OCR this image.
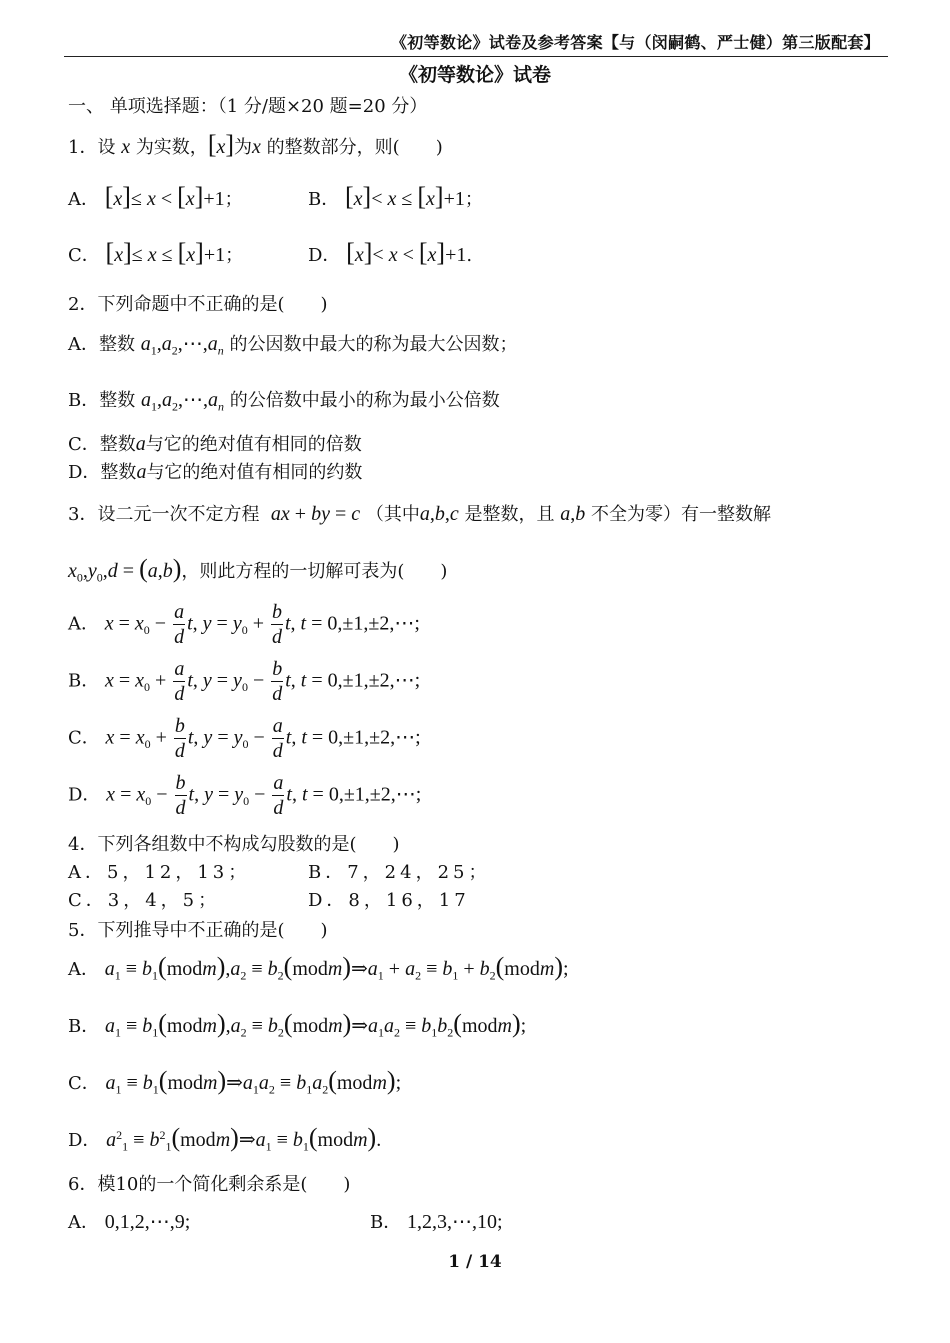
《初等数论》试卷及参考答案【与（闵嗣鹤、严士健）第三版配套】
《初等数论》试卷
一、 单项选择题：（1 分/题×20 题=20 分）
1．设 x 为实数，[x]为x 的整数部分，则(　　)
A． [x]≤ x < [x]+1；	B． [x]< x ≤ [x]+1；
C． [x]≤ x ≤ [x]+1；	D． [x]< x < [x]+1.
2．下列命题中不正确的是(　　)
A．整数 $a_1,a_2,\cdots,a_n$ 的公因数中最大的称为最大公因数；
B．整数 $a_1,a_2,\cdots,a_n$ 的公倍数中最小的称为最小公倍数
C．整数a与它的绝对值有相同的倍数
D．整数a与它的绝对值有相同的约数
3．设二元一次不定方程 ax + by = c （其中a,b,c 是整数，且 a,b 不全为零）有一整数解
$x_0,y_0,d = (a,b)$，则此方程的一切解可表为(　　)
A． $x = x_0 - \frac{a}{d} t$, $y = y_0 + \frac{b}{d} t$, t = 0,±1,±2,⋯;
B． $x = x_0 + \frac{a}{d} t$, $y = y_0 - \frac{b}{d} t$, t = 0,±1,±2,⋯;
C． $x = x_0 + \frac{b}{d} t$, $y = y_0 - \frac{a}{d} t$, t = 0,±1,±2,⋯;
D． $x = x_0 - \frac{b}{d} t$, $y = y_0 - \frac{a}{d} t$, t = 0,±1,±2,⋯;
4．下列各组数中不构成勾股数的是(　　)
A．5，12，13；	B．7，24，25；
C．3，4，5；	D．8，16，17
5．下列推导中不正确的是(　　)
A． $a_1$ ≡ $b_1(modm),a_2$ ≡ $b_2(modm)\Rightarrow a_1 + a_2 \equiv b_1$ + $b_2(modm)$;
B． $a_1$ ≡ $b_1(modm),a_2$ ≡ $b_2(modm)\Rightarrow a_1a_2$ ≡ $b_1b_2(modm)$;
C． $a_1$ ≡ $b_1(modm)\Rightarrow a_1a_2$ ≡ $b_1a_2(modm)$;
D． $a^2_1$ ≡ $b^2_1(modm)\Rightarrow a_1$ ≡ $b_1(modm)$.
6．模10的一个简化剩余系是(　　)
A． 0,1,2,⋯,9;	B． 1,2,3,⋯,10;
1 / 14
